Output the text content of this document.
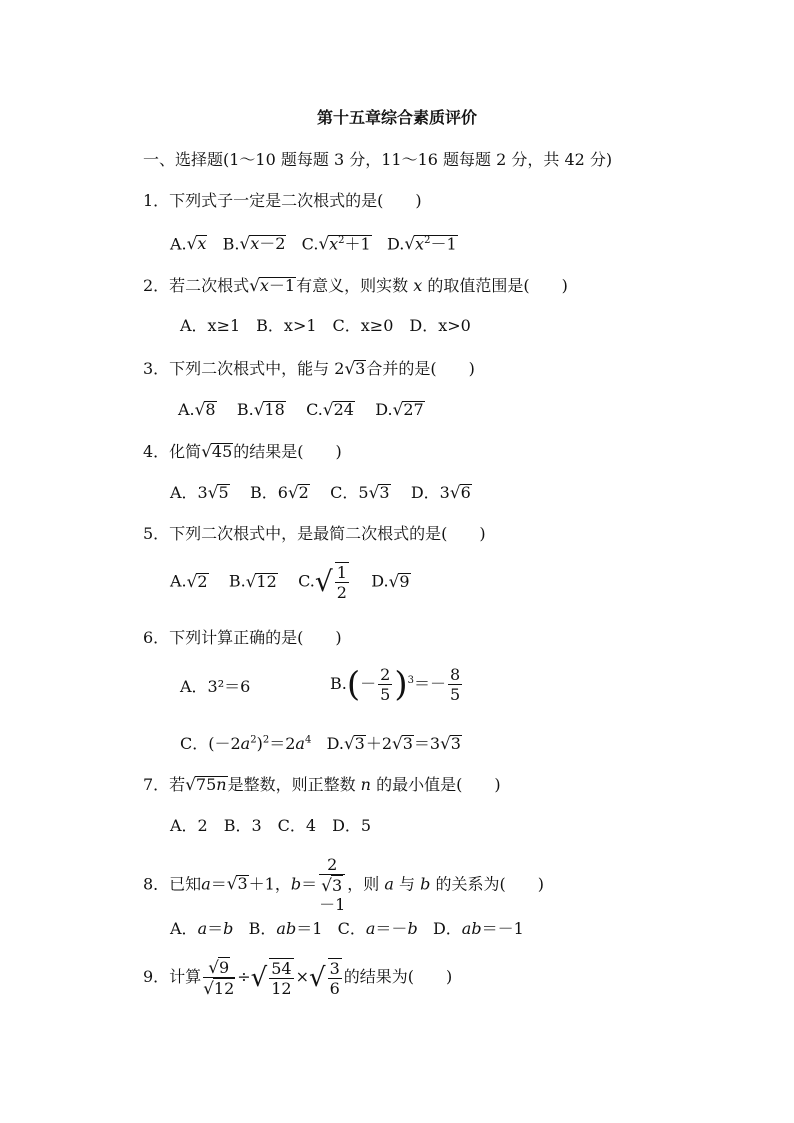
第十五章综合素质评价
一、选择题(1～10 题每题 3 分，11～16 题每题 2 分，共 42 分)
1．下列式子一定是二次根式的是(　　)
A.√x B.√x－2 $C.√x^2+1$ $D.√x^2-1$
2．若二次根式√x－1有意义，则实数 x 的取值范围是(　　)
A．x≥1　B．x>1　C．x≥0　D．x>0
3．下列二次根式中，能与 2√3合并的是(　　)
A.√8    B.√18    C.√24    D.√27
4．化简√45的结果是(　　)
A．3√5    B．6√2    C．5√3    D．3√6
5．下列二次根式中，是最简二次根式的是(　　)
A.√2    B.√12    $C.√ \frac{1}{2} D.√9$
6．下列计算正确的是(　　)
A．3²＝6	$B.(- \frac{2}{5} )^3=- \frac{8}{5}$
C．$(-2a^2)^2=2a^4$   D.√3＋2√3＝3√3
7．若√75n是整数，则正整数 n 的最小值是(　　)
A．2　B．3　C．4　D．5
8．已知a＝√3＋1，b＝ 2
√3
－1 ，则 a 与 b 的关系为(　　)
A．a＝b   B．ab＝1   C．a＝－b   D．ab＝－1
9．计算 $\frac{√9}{√12}$ ÷√ $\frac{54}{12}$ ×√ $\frac{3}{6}$ 的结果为(　　)
